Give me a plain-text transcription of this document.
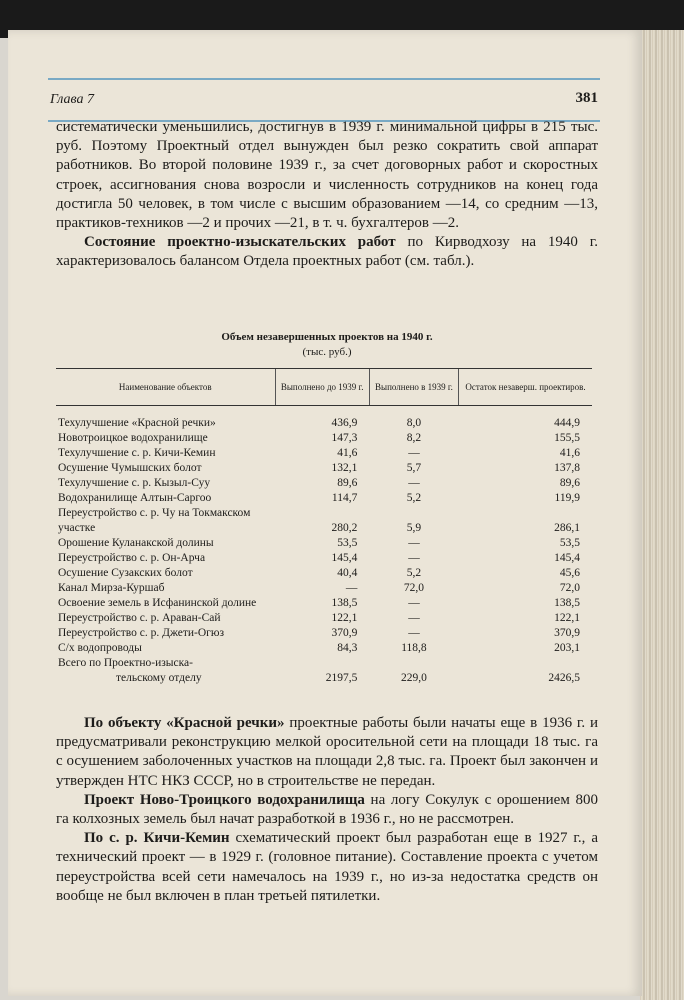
Глава 7	381
систематически уменьшились, достигнув в 1939 г. минимальной цифры в 215 тыс. руб. Поэтому Проектный отдел вынужден был резко сократить свой аппарат работников. Во второй половине 1939 г., за счет договорных работ и скоростных строек, ассигнования снова возросли и численность сотрудников на конец года достигла 50 человек, в том числе с высшим образованием —14, со средним —13, практиков-техников —2 и прочих —21, в т. ч. бухгалтеров —2.
Состояние проектно-изыскательских работ по Кирводхозу на 1940 г. характеризовалось балансом Отдела проектных работ (см. табл.).
Объем незавершенных проектов на 1940 г.
(тыс. руб.)
Наименование объектов	Выполнено до 1939 г.	Выполнено в 1939 г.	Остаток незаверш. проектиров.
Техулучшение «Красной речки»	436,9	8,0	444,9
Новотроицкое водохранилище	147,3	8,2	155,5
Техулучшение с. р. Кичи-Кемин	41,6	—	41,6
Осушение Чумышских болот	132,1	5,7	137,8
Техулучшение с. р. Кызыл-Суу	89,6	—	89,6
Водохранилище Алтын-Саргоо	114,7	5,2	119,9
Переустройство с. р. Чу на Токмакском участке	280,2	5,9	286,1
Орошение Куланакской долины	53,5	—	53,5
Переустройство с. р. Он-Арча	145,4	—	145,4
Осушение Сузакских болот	40,4	5,2	45,6
Канал Мирза-Куршаб	—	72,0	72,0
Освоение земель в Исфанинской долине	138,5	—	138,5
Переустройство с. р. Араван-Сай	122,1	—	122,1
Переустройство с. р. Джети-Огюз	370,9	—	370,9
С/х водопроводы	84,3	118,8	203,1

Всего по Проектно-изыска-
тельскому отделу	2197,5	229,0	2426,5
По объекту «Красной речки» проектные работы были начаты еще в 1936 г. и предусматривали реконструкцию мелкой оросительной сети на площади 18 тыс. га с осушением заболоченных участков на площади 2,8 тыс. га. Проект был закончен и утвержден НТС НКЗ СССР, но в строительстве не передан.
Проект Ново-Троицкого водохранилища на логу Сокулук с орошением 800 га колхозных земель был начат разработкой в 1936 г., но не рассмотрен.
По с. р. Кичи-Кемин схематический проект был разработан еще в 1927 г., а технический проект — в 1929 г. (головное питание). Составление проекта с учетом переустройства всей сети намечалось на 1939 г., но из-за недостатка средств он вообще не был включен в план третьей пятилетки.
